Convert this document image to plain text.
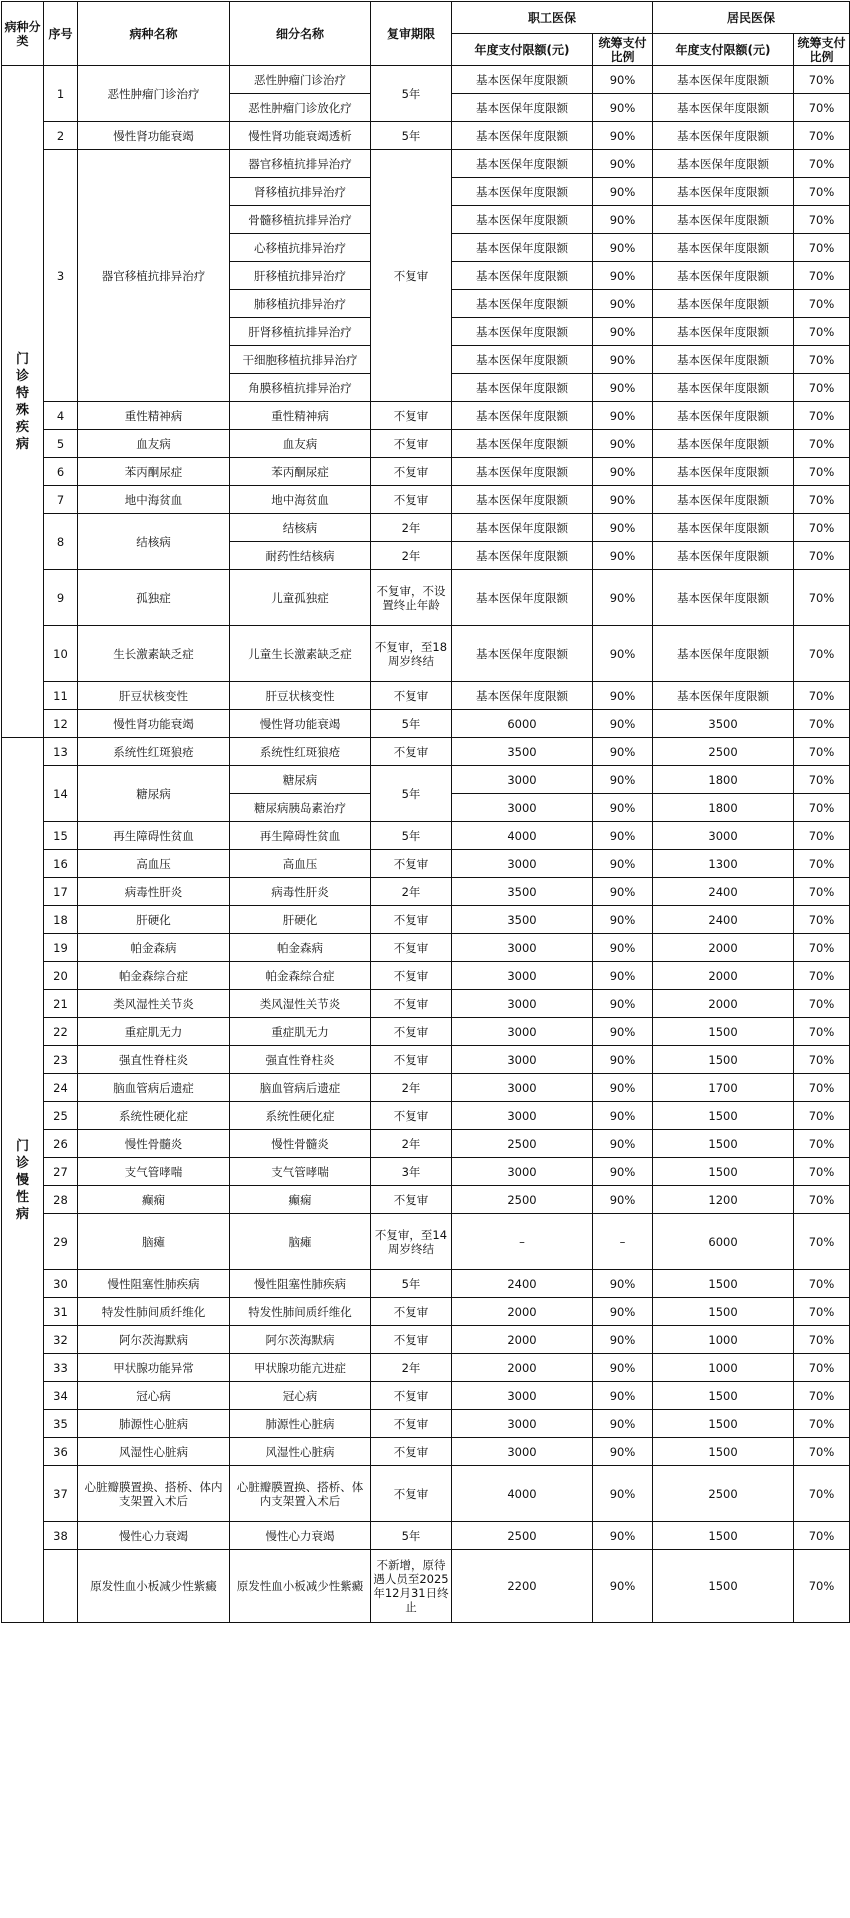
病种分类	序号	病种名称	细分名称	复审期限	职工医保		居民医保	
					年度支付限额(元)	统筹支付比例	年度支付限额(元)	统筹支付比例
门诊特殊疾病	1	恶性肿瘤门诊治疗	恶性肿瘤门诊治疗	5年	基本医保年度限额	90%	基本医保年度限额	70%
			恶性肿瘤门诊放化疗		基本医保年度限额	90%	基本医保年度限额	70%
	2	慢性肾功能衰竭	慢性肾功能衰竭透析	5年	基本医保年度限额	90%	基本医保年度限额	70%
	3	器官移植抗排异治疗	器官移植抗排异治疗	不复审	基本医保年度限额	90%	基本医保年度限额	70%
			肾移植抗排异治疗		基本医保年度限额	90%	基本医保年度限额	70%
			骨髓移植抗排异治疗		基本医保年度限额	90%	基本医保年度限额	70%
			心移植抗排异治疗		基本医保年度限额	90%	基本医保年度限额	70%
			肝移植抗排异治疗		基本医保年度限额	90%	基本医保年度限额	70%
			肺移植抗排异治疗		基本医保年度限额	90%	基本医保年度限额	70%
			肝肾移植抗排异治疗		基本医保年度限额	90%	基本医保年度限额	70%
			干细胞移植抗排异治疗		基本医保年度限额	90%	基本医保年度限额	70%
			角膜移植抗排异治疗		基本医保年度限额	90%	基本医保年度限额	70%
	4	重性精神病	重性精神病	不复审	基本医保年度限额	90%	基本医保年度限额	70%
	5	血友病	血友病	不复审	基本医保年度限额	90%	基本医保年度限额	70%
	6	苯丙酮尿症	苯丙酮尿症	不复审	基本医保年度限额	90%	基本医保年度限额	70%
	7	地中海贫血	地中海贫血	不复审	基本医保年度限额	90%	基本医保年度限额	70%
	8	结核病	结核病	2年	基本医保年度限额	90%	基本医保年度限额	70%
			耐药性结核病	2年	基本医保年度限额	90%	基本医保年度限额	70%
	9	孤独症	儿童孤独症	不复审，不设置终止年龄	基本医保年度限额	90%	基本医保年度限额	70%
	10	生长激素缺乏症	儿童生长激素缺乏症	不复审，至18周岁终结	基本医保年度限额	90%	基本医保年度限额	70%
	11	肝豆状核变性	肝豆状核变性	不复审	基本医保年度限额	90%	基本医保年度限额	70%
	12	慢性肾功能衰竭	慢性肾功能衰竭	5年	6000	90%	3500	70%
门诊慢性病	13	系统性红斑狼疮	系统性红斑狼疮	不复审	3500	90%	2500	70%
	14	糖尿病	糖尿病	5年	3000	90%	1800	70%
			糖尿病胰岛素治疗		3000	90%	1800	70%
	15	再生障碍性贫血	再生障碍性贫血	5年	4000	90%	3000	70%
	16	高血压	高血压	不复审	3000	90%	1300	70%
	17	病毒性肝炎	病毒性肝炎	2年	3500	90%	2400	70%
	18	肝硬化	肝硬化	不复审	3500	90%	2400	70%
	19	帕金森病	帕金森病	不复审	3000	90%	2000	70%
	20	帕金森综合症	帕金森综合症	不复审	3000	90%	2000	70%
	21	类风湿性关节炎	类风湿性关节炎	不复审	3000	90%	2000	70%
	22	重症肌无力	重症肌无力	不复审	3000	90%	1500	70%
	23	强直性脊柱炎	强直性脊柱炎	不复审	3000	90%	1500	70%
	24	脑血管病后遗症	脑血管病后遗症	2年	3000	90%	1700	70%
	25	系统性硬化症	系统性硬化症	不复审	3000	90%	1500	70%
	26	慢性骨髓炎	慢性骨髓炎	2年	2500	90%	1500	70%
	27	支气管哮喘	支气管哮喘	3年	3000	90%	1500	70%
	28	癫痫	癫痫	不复审	2500	90%	1200	70%
	29	脑瘫	脑瘫	不复审，至14周岁终结	–	–	6000	70%
	30	慢性阻塞性肺疾病	慢性阻塞性肺疾病	5年	2400	90%	1500	70%
	31	特发性肺间质纤维化	特发性肺间质纤维化	不复审	2000	90%	1500	70%
	32	阿尔茨海默病	阿尔茨海默病	不复审	2000	90%	1000	70%
	33	甲状腺功能异常	甲状腺功能亢进症	2年	2000	90%	1000	70%
	34	冠心病	冠心病	不复审	3000	90%	1500	70%
	35	肺源性心脏病	肺源性心脏病	不复审	3000	90%	1500	70%
	36	风湿性心脏病	风湿性心脏病	不复审	3000	90%	1500	70%
	37	心脏瓣膜置换、搭桥、体内支架置入术后	心脏瓣膜置换、搭桥、体内支架置入术后	不复审	4000	90%	2500	70%
	38	慢性心力衰竭	慢性心力衰竭	5年	2500	90%	1500	70%
		原发性血小板减少性紫癜	原发性血小板减少性紫癜	不新增，原待遇人员至2025年12月31日终止	2200	90%	1500	70%
